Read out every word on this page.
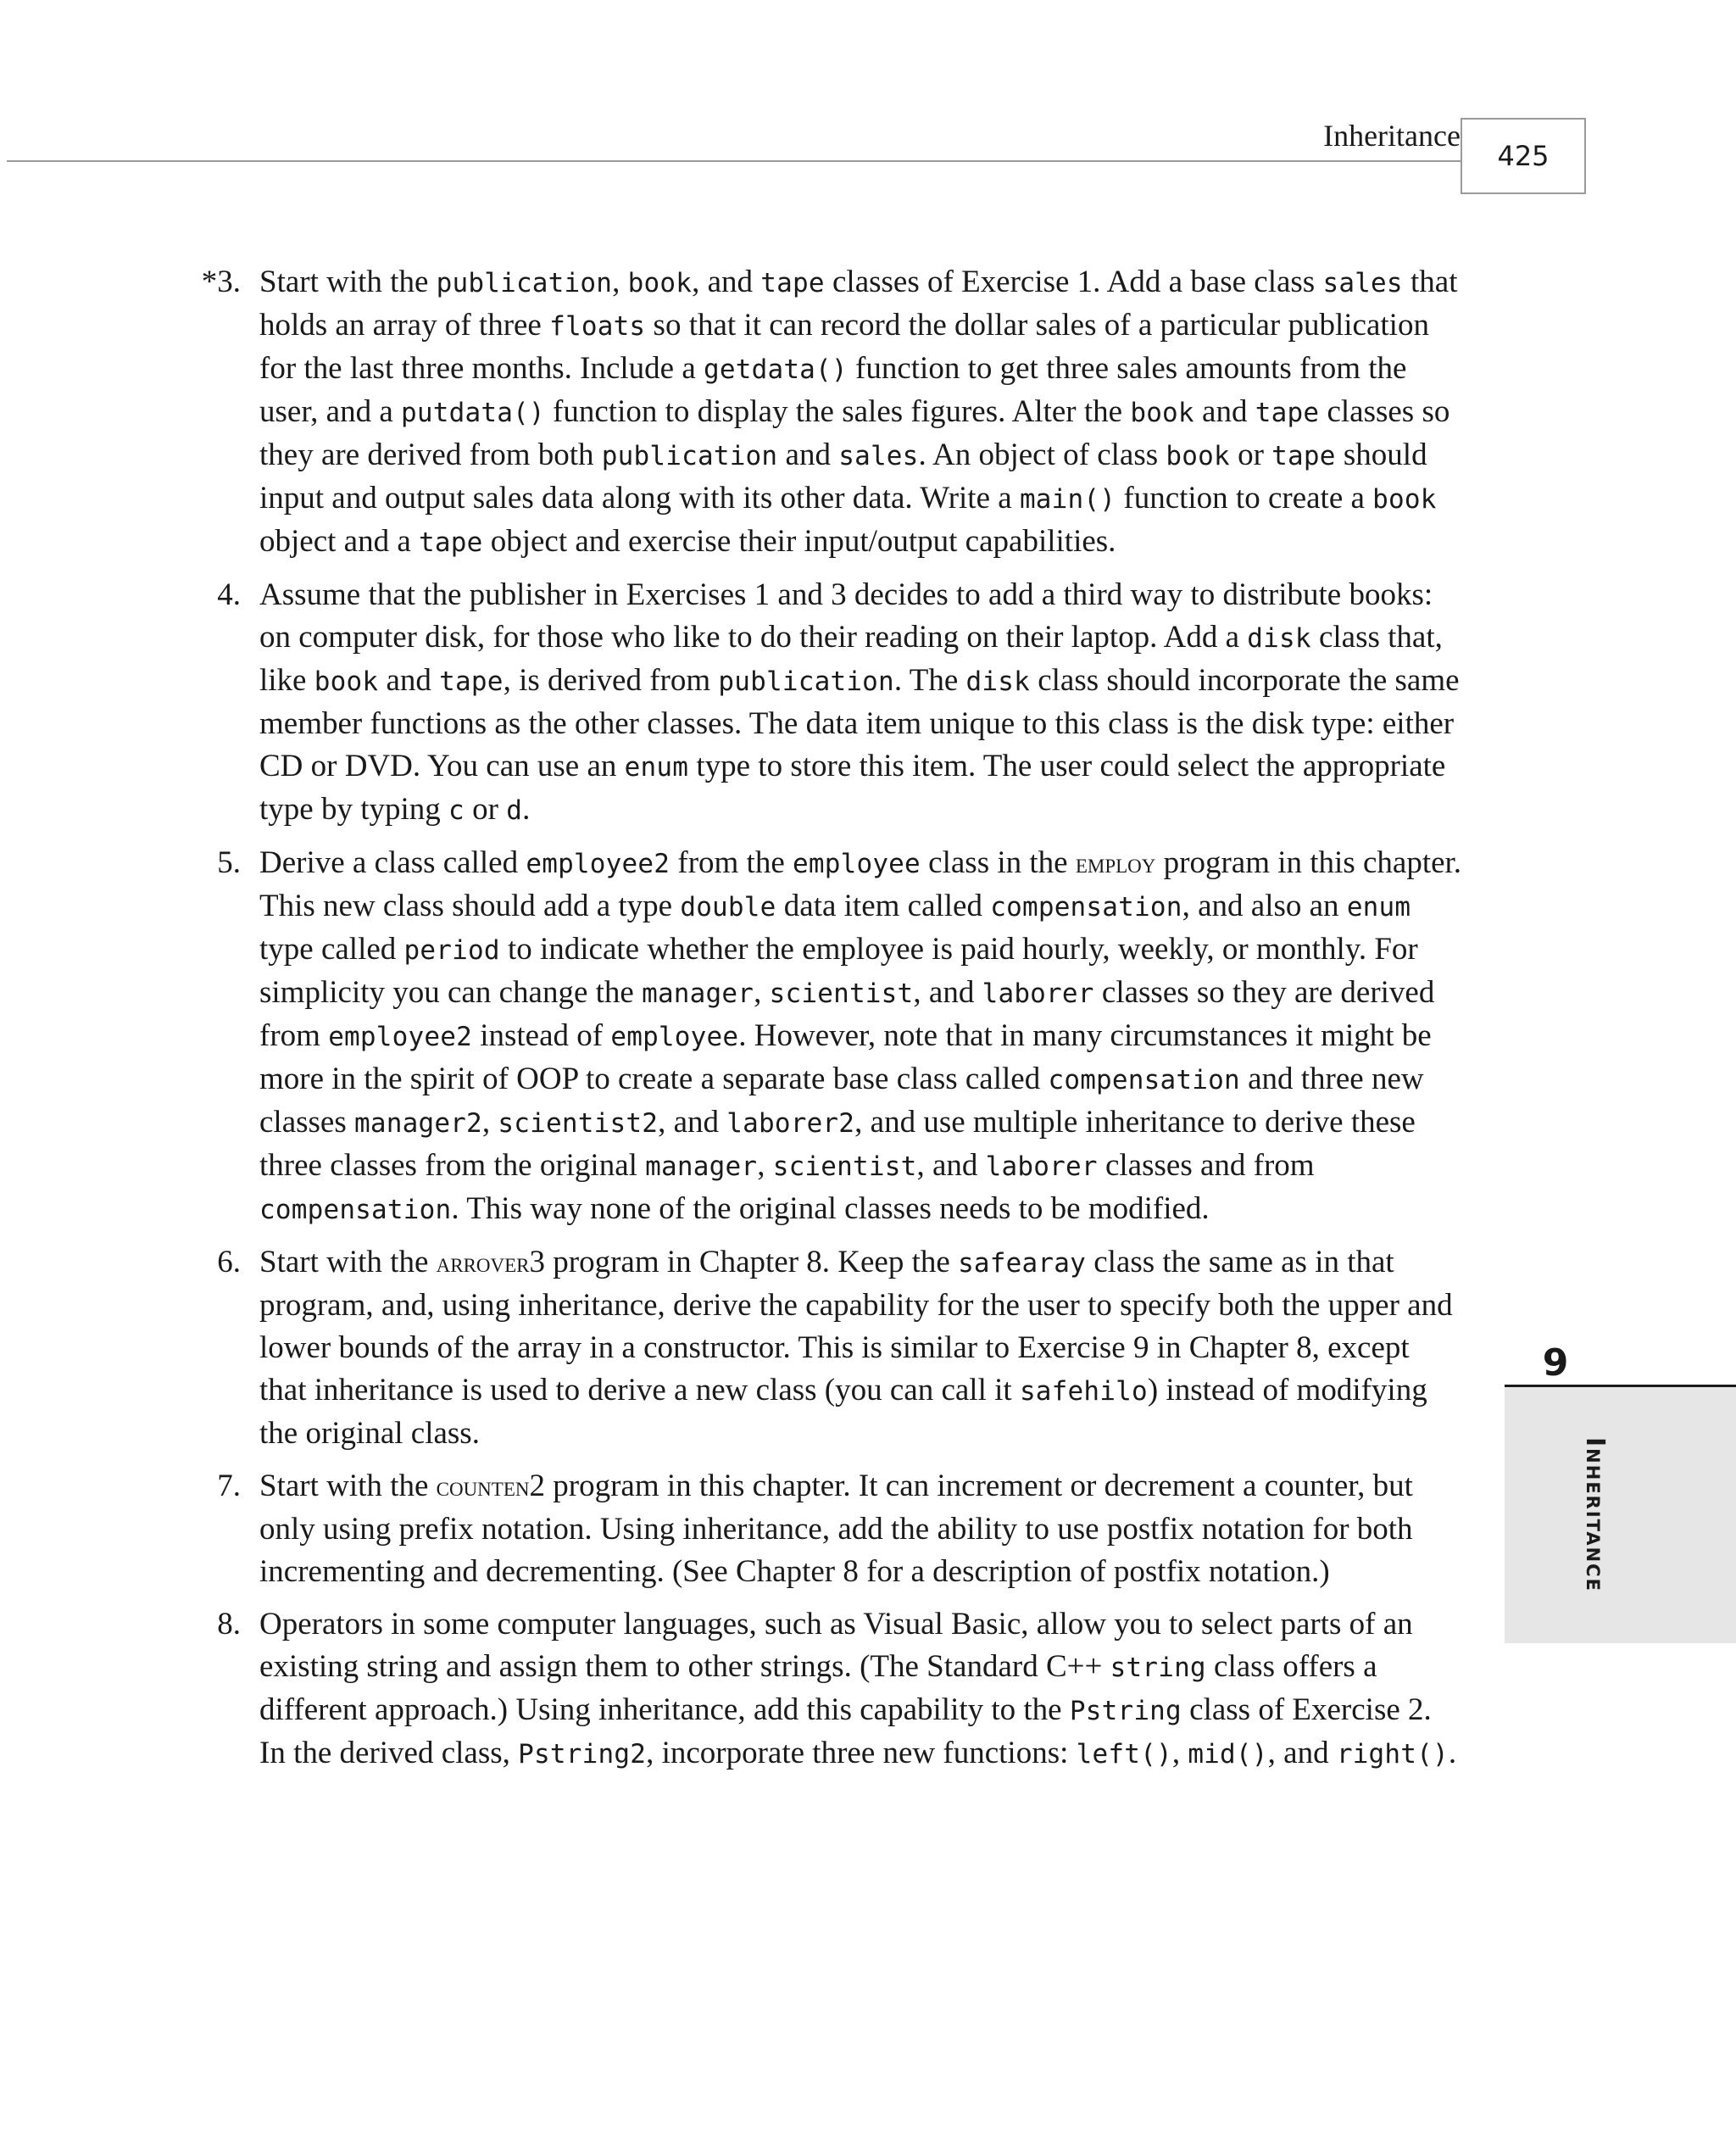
Inheritance
425
*3. Start with the publication, book, and tape classes of Exercise 1. Add a base class sales that holds an array of three floats so that it can record the dollar sales of a particular publication for the last three months. Include a getdata() function to get three sales amounts from the user, and a putdata() function to display the sales figures. Alter the book and tape classes so they are derived from both publication and sales. An object of class book or tape should input and output sales data along with its other data. Write a main() function to create a book object and a tape object and exercise their input/output capabilities.
4. Assume that the publisher in Exercises 1 and 3 decides to add a third way to distribute books: on computer disk, for those who like to do their reading on their laptop. Add a disk class that, like book and tape, is derived from publication. The disk class should incorporate the same member functions as the other classes. The data item unique to this class is the disk type: either CD or DVD. You can use an enum type to store this item. The user could select the appropriate type by typing c or d.
5. Derive a class called employee2 from the employee class in the employ program in this chapter. This new class should add a type double data item called compensation, and also an enum type called period to indicate whether the employee is paid hourly, weekly, or monthly. For simplicity you can change the manager, scientist, and laborer classes so they are derived from employee2 instead of employee. However, note that in many circumstances it might be more in the spirit of OOP to create a separate base class called compensation and three new classes manager2, scientist2, and laborer2, and use multiple inheritance to derive these three classes from the original manager, scientist, and laborer classes and from compensation. This way none of the original classes needs to be modified.
6. Start with the arrover3 program in Chapter 8. Keep the safearay class the same as in that program, and, using inheritance, derive the capability for the user to specify both the upper and lower bounds of the array in a constructor. This is similar to Exercise 9 in Chapter 8, except that inheritance is used to derive a new class (you can call it safehilo) instead of modifying the original class.
7. Start with the counten2 program in this chapter. It can increment or decrement a counter, but only using prefix notation. Using inheritance, add the ability to use postfix notation for both incrementing and decrementing. (See Chapter 8 for a description of postfix notation.)
8. Operators in some computer languages, such as Visual Basic, allow you to select parts of an existing string and assign them to other strings. (The Standard C++ string class offers a different approach.) Using inheritance, add this capability to the Pstring class of Exercise 2. In the derived class, Pstring2, incorporate three new functions: left(), mid(), and right().
9
Inheritance
